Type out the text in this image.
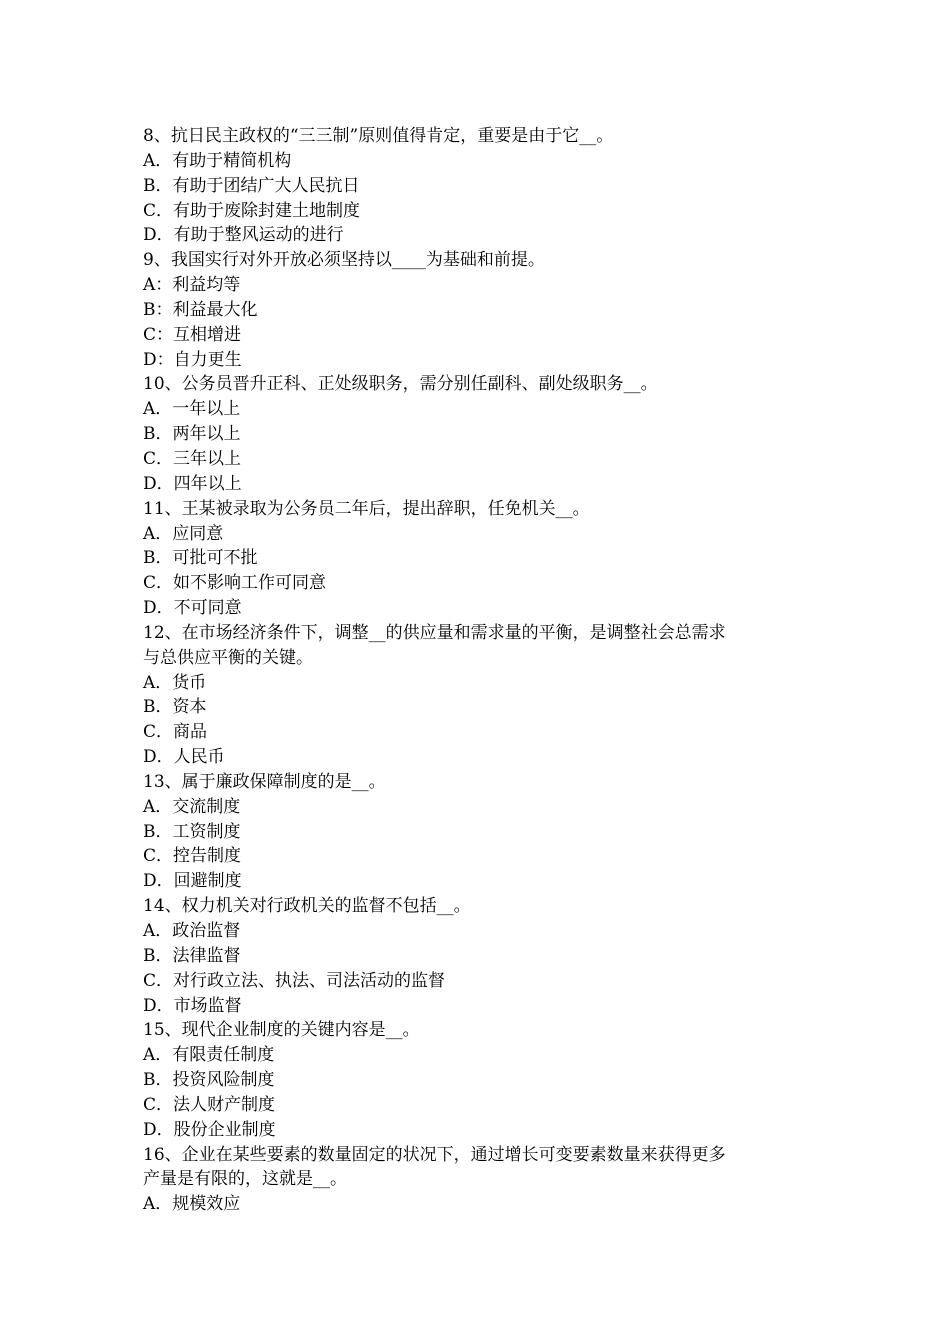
8、抗日民主政权的“三三制”原则值得肯定，重要是由于它__。
A．有助于精简机构
B．有助于团结广大人民抗日
C．有助于废除封建土地制度
D．有助于整风运动的进行
9、我国实行对外开放必须坚持以____为基础和前提。
A：利益均等
B：利益最大化
C：互相增进
D：自力更生
10、公务员晋升正科、正处级职务，需分别任副科、副处级职务__。
A．一年以上
B．两年以上
C．三年以上
D．四年以上
11、王某被录取为公务员二年后，提出辞职，任免机关__。
A．应同意
B．可批可不批
C．如不影响工作可同意
D．不可同意
12、在市场经济条件下，调整__的供应量和需求量的平衡，是调整社会总需求
与总供应平衡的关键。
A．货币
B．资本
C．商品
D．人民币
13、属于廉政保障制度的是__。
A．交流制度
B．工资制度
C．控告制度
D．回避制度
14、权力机关对行政机关的监督不包括__。
A．政治监督
B．法律监督
C．对行政立法、执法、司法活动的监督
D．市场监督
15、现代企业制度的关键内容是__。
A．有限责任制度
B．投资风险制度
C．法人财产制度
D．股份企业制度
16、企业在某些要素的数量固定的状况下，通过增长可变要素数量来获得更多
产量是有限的，这就是__。
A．规模效应
